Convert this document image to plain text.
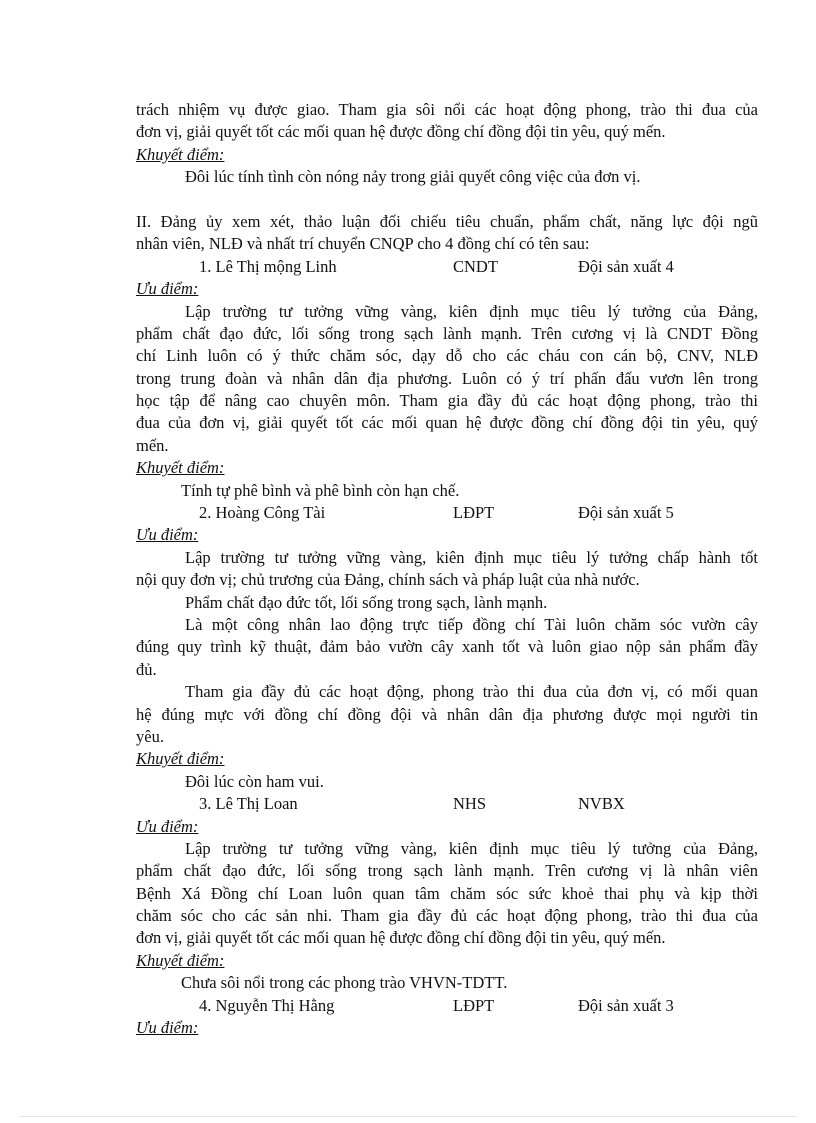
trách nhiệm vụ được giao. Tham gia sôi nổi các hoạt động phong, trào thi đua của
đơn vị, giải quyết tốt các mối quan hệ được đồng chí đồng đội tin yêu, quý mến.
Khuyết điểm:
Đôi lúc tính tình còn nóng nảy trong giải quyết công việc của đơn vị.
II. Đảng ủy xem xét, thảo luận đối chiếu tiêu chuẩn, phẩm chất, năng lực đội ngũ
nhân viên, NLĐ và nhất trí chuyển CNQP cho 4 đồng chí có tên sau:
1. Lê Thị mộng Linh	CNDT	Đội sản xuất 4
Ưu điểm:
Lập trường tư tưởng vững vàng, kiên định mục tiêu lý tưởng của Đảng,
phẩm chất đạo đức, lối sống trong sạch lành mạnh. Trên cương vị là CNDT Đồng
chí Linh luôn có ý thức chăm sóc, dạy dỗ cho các cháu con cán bộ, CNV, NLĐ
trong trung đoàn và nhân dân địa phương. Luôn có ý trí phấn đấu vươn lên trong
học tập để nâng cao chuyên môn. Tham gia đầy đủ các hoạt động phong, trào thi
đua của đơn vị, giải quyết tốt các mối quan hệ được đồng chí đồng đội tin yêu, quý
mến.
Khuyết điểm:
Tính tự phê bình và phê bình còn hạn chế.
2. Hoàng Công Tài	LĐPT	Đội sản xuất 5
Ưu điểm:
Lập trường tư tưởng vững vàng, kiên định mục tiêu lý tưởng chấp hành tốt
nội quy đơn vị; chủ trương của Đảng, chính sách và pháp luật của nhà nước.
Phẩm chất đạo đức tốt, lối sống trong sạch, lành mạnh.
Là một công nhân lao động trực tiếp đồng chí Tài luôn chăm sóc vườn cây
đúng quy trình kỹ thuật, đảm bảo vườn cây xanh tốt và luôn giao nộp sản phẩm đầy
đủ.
Tham gia đầy đủ các hoạt động, phong trào thi đua của đơn vị, có mối quan
hệ đúng mực với đồng chí đồng đội và nhân dân địa phương được mọi người tin
yêu.
Khuyết điểm:
Đôi lúc còn ham vui.
3. Lê Thị Loan	NHS	NVBX
Ưu điểm:
Lập trường tư tưởng vững vàng, kiên định mục tiêu lý tưởng của Đảng,
phẩm chất đạo đức, lối sống trong sạch lành mạnh. Trên cương vị là nhân viên
Bệnh Xá Đồng chí Loan luôn quan tâm chăm sóc sức khoẻ thai phụ và kịp thời
chăm sóc cho các sản nhi. Tham gia đầy đủ các hoạt động phong, trào thi đua của
đơn vị, giải quyết tốt các mối quan hệ được đồng chí đồng đội tin yêu, quý mến.
Khuyết điểm:
Chưa sôi nổi trong các phong trào VHVN-TDTT.
4. Nguyễn Thị Hằng	LĐPT	Đội sản xuất 3
Ưu điểm:
